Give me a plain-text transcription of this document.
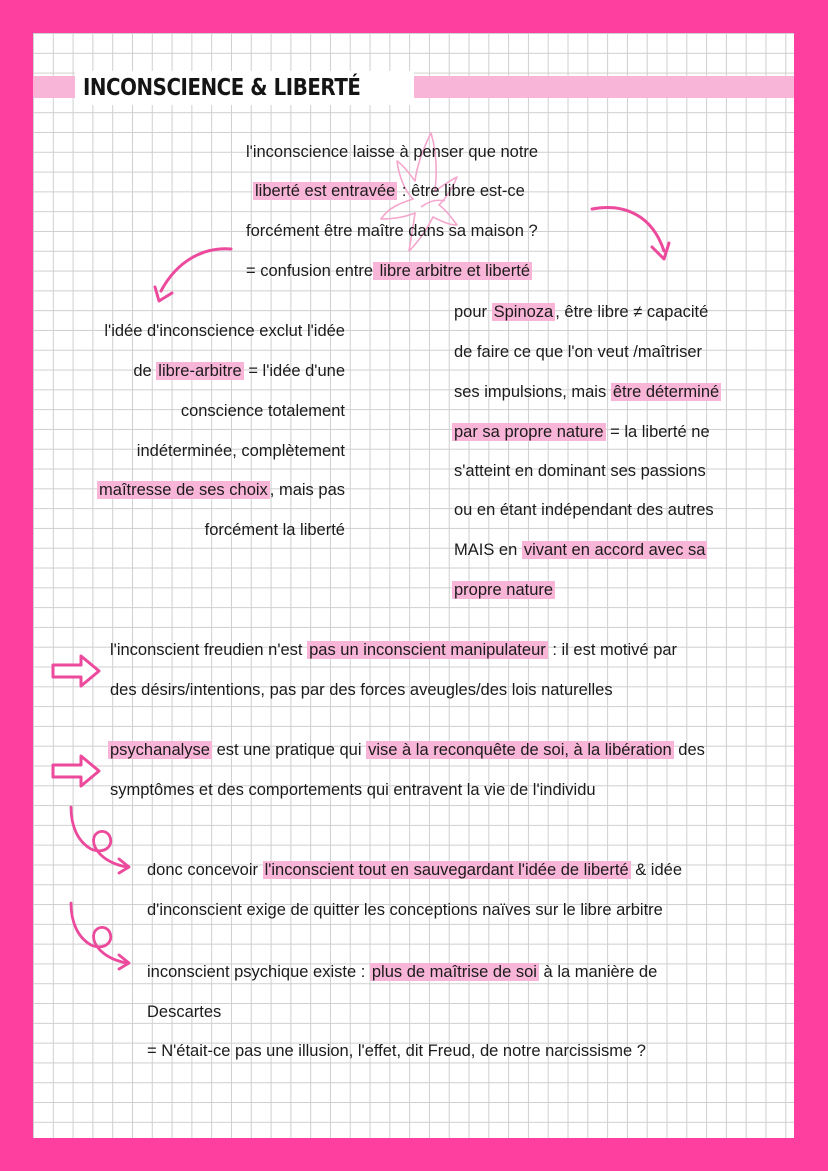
INCONSCIENCE & LIBERTÉ
l'inconscience laisse à penser que notre
liberté est entravée : être libre est-ce
forcément être maître dans sa maison ?
= confusion entre libre arbitre et liberté
l'idée d'inconscience exclut l'idée
de libre-arbitre = l'idée d'une
conscience totalement
indéterminée, complètement
maîtresse de ses choix , mais pas
forcément la liberté
pour Spinoza , être libre ≠ capacité
de faire ce que l'on veut /maîtriser
ses impulsions, mais être déterminé
par sa propre nature = la liberté ne
s'atteint en dominant ses passions
ou en étant indépendant des autres
MAIS en vivant en accord avec sa
propre nature
l'inconscient freudien n'est pas un inconscient manipulateur : il est motivé par
des désirs/intentions, pas par des forces aveugles/des lois naturelles
psychanalyse est une pratique qui vise à la reconquête de soi, à la libération des
symptômes et des comportements qui entravent la vie de l'individu
donc concevoir l'inconscient tout en sauvegardant l'idée de liberté & idée
d'inconscient exige de quitter les conceptions naïves sur le libre arbitre
inconscient psychique existe : plus de maîtrise de soi à la manière de
Descartes
= N'était-ce pas une illusion, l'effet, dit Freud, de notre narcissisme ?
